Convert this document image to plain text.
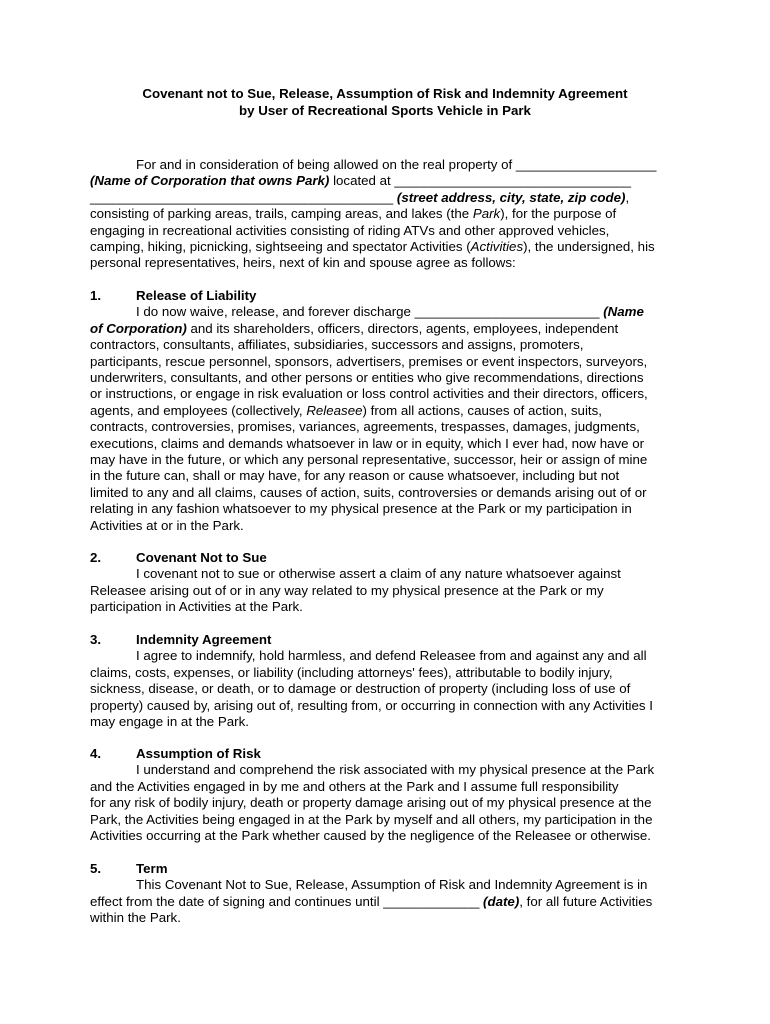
Covenant not to Sue, Release, Assumption of Risk and Indemnity Agreement
by User of Recreational Sports Vehicle in Park
For and in consideration of being allowed on the real property of ___________________
(Name of Corporation that owns Park) located at ________________________________
_________________________________________ (street address, city, state, zip code),
consisting of parking areas, trails, camping areas, and lakes (the Park), for the purpose of
engaging in recreational activities consisting of riding ATVs and other approved vehicles,
camping, hiking, picnicking, sightseeing and spectator Activities (Activities), the undersigned, his
personal representatives, heirs, next of kin and spouse agree as follows:
1.	Release of Liability
I do now waive, release, and forever discharge _________________________ (Name
of Corporation) and its shareholders, officers, directors, agents, employees, independent
contractors, consultants, affiliates, subsidiaries, successors and assigns, promoters,
participants, rescue personnel, sponsors, advertisers, premises or event inspectors, surveyors,
underwriters, consultants, and other persons or entities who give recommendations, directions
or instructions, or engage in risk evaluation or loss control activities and their directors, officers,
agents, and employees (collectively, Releasee) from all actions, causes of action, suits,
contracts, controversies, promises, variances, agreements, trespasses, damages, judgments,
executions, claims and demands whatsoever in law or in equity, which I ever had, now have or
may have in the future, or which any personal representative, successor, heir or assign of mine
in the future can, shall or may have, for any reason or cause whatsoever, including but not
limited to any and all claims, causes of action, suits, controversies or demands arising out of or
relating in any fashion whatsoever to my physical presence at the Park or my participation in
Activities at or in the Park.
2.	Covenant Not to Sue
I covenant not to sue or otherwise assert a claim of any nature whatsoever against
Releasee arising out of or in any way related to my physical presence at the Park or my
participation in Activities at the Park.
3.	Indemnity Agreement
I agree to indemnify, hold harmless, and defend Releasee from and against any and all
claims, costs, expenses, or liability (including attorneys' fees), attributable to bodily injury,
sickness, disease, or death, or to damage or destruction of property (including loss of use of
property) caused by, arising out of, resulting from, or occurring in connection with any Activities I
may engage in at the Park.
4.	Assumption of Risk
I understand and comprehend the risk associated with my physical presence at the Park
and the Activities engaged in by me and others at the Park and I assume full responsibility
for any risk of bodily injury, death or property damage arising out of my physical presence at the
Park, the Activities being engaged in at the Park by myself and all others, my participation in the
Activities occurring at the Park whether caused by the negligence of the Releasee or otherwise.
5.	Term
This Covenant Not to Sue, Release, Assumption of Risk and Indemnity Agreement is in
effect from the date of signing and continues until _____________ (date), for all future Activities
within the Park.
